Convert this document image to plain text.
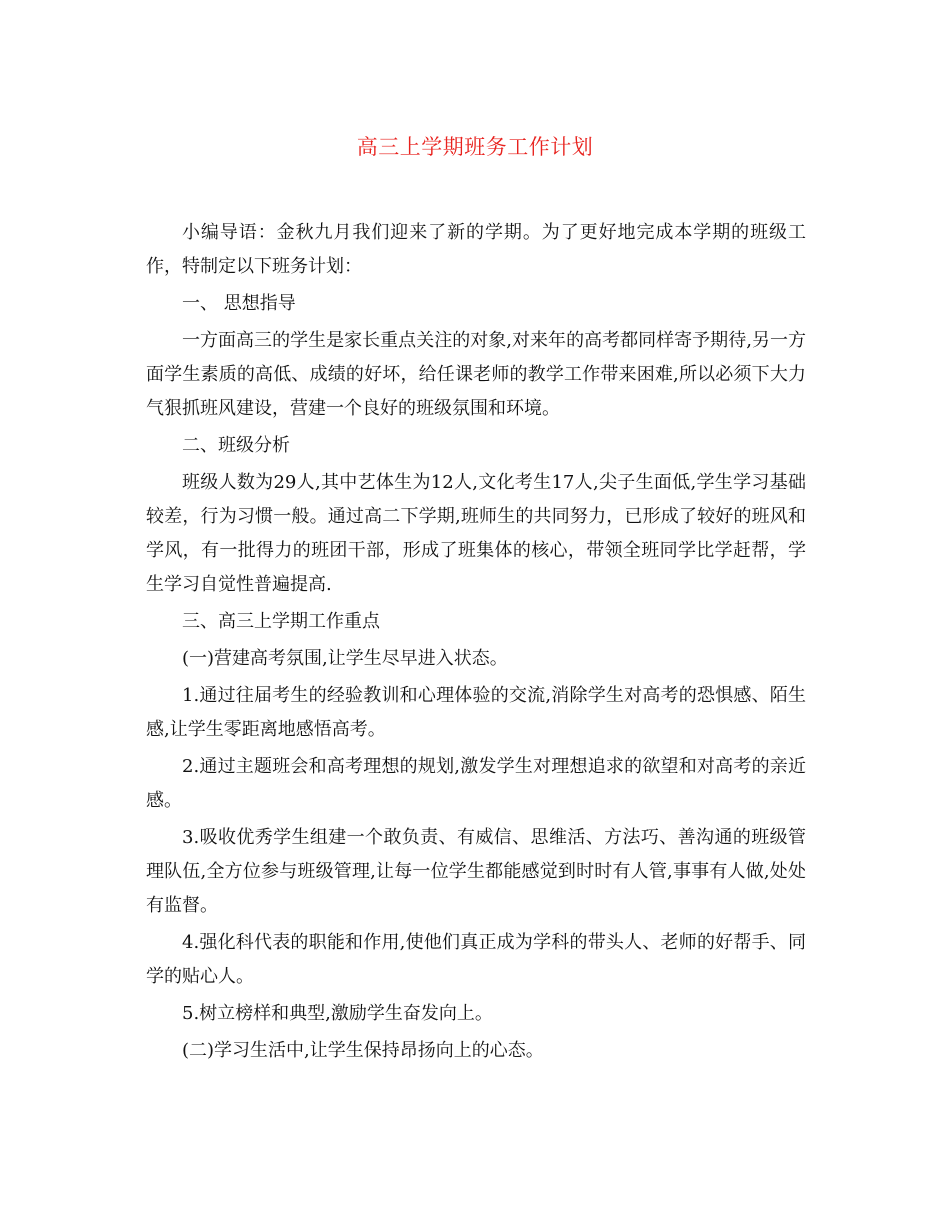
高三上学期班务工作计划

小编导语：金秋九月我们迎来了新的学期。为了更好地完成本学期的班级工作，特制定以下班务计划：

一、 思想指导

一方面高三的学生是家长重点关注的对象,对来年的高考都同样寄予期待,另一方面学生素质的高低、成绩的好坏，给任课老师的教学工作带来困难,所以必须下大力气狠抓班风建设，营建一个良好的班级氛围和环境。

二、班级分析

班级人数为29人,其中艺体生为12人,文化考生17人,尖子生面低,学生学习基础较差，行为习惯一般。通过高二下学期,班师生的共同努力，已形成了较好的班风和学风，有一批得力的班团干部，形成了班集体的核心，带领全班同学比学赶帮，学生学习自觉性普遍提高.

三、高三上学期工作重点

(一)营建高考氛围,让学生尽早进入状态。

1.通过往届考生的经验教训和心理体验的交流,消除学生对高考的恐惧感、陌生感,让学生零距离地感悟高考。

2.通过主题班会和高考理想的规划,激发学生对理想追求的欲望和对高考的亲近感。

3.吸收优秀学生组建一个敢负责、有威信、思维活、方法巧、善沟通的班级管理队伍,全方位参与班级管理,让每一位学生都能感觉到时时有人管,事事有人做,处处有监督。

4.强化科代表的职能和作用,使他们真正成为学科的带头人、老师的好帮手、同学的贴心人。

5.树立榜样和典型,激励学生奋发向上。

(二)学习生活中,让学生保持昂扬向上的心态。
